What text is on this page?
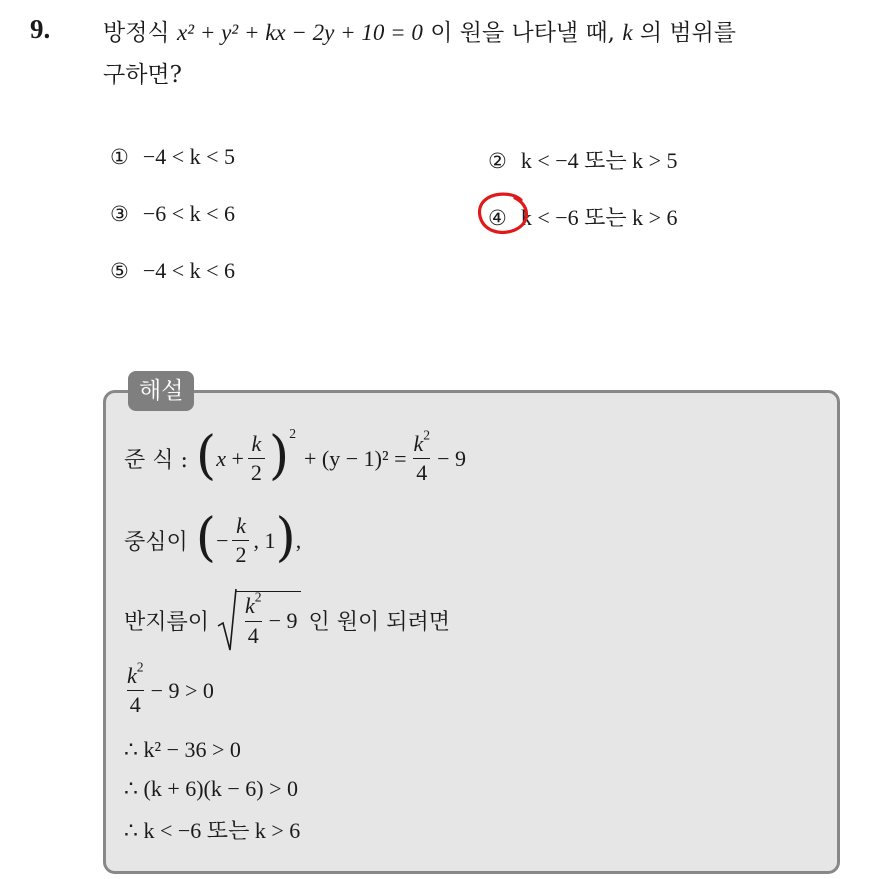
9. 방정식 x² + y² + kx − 2y + 10 = 0 이 원을 나타낼 때, k 의 범위를
구하면?
① −4 < k < 5	② k < −4 또는 k > 5
③ −6 < k < 6	④ k < −6 또는 k > 6
⑤ −4 < k < 6
해설
준 식 : ( $x + \frac{k}{2}$ ) 2
+ $(y - 1)^2 = \frac{k^2}{4} - 9$
중심이 ( − $\frac{k}{2}$ , 1 ) ,
반지름이 $\frac{k^2}{4} - 9$ 인 원이 되려면
$\frac{k^2}{4} - 9 > 0$
∴ k² − 36 > 0
∴ (k + 6)(k − 6) > 0
∴ k < −6 또는 k > 6
